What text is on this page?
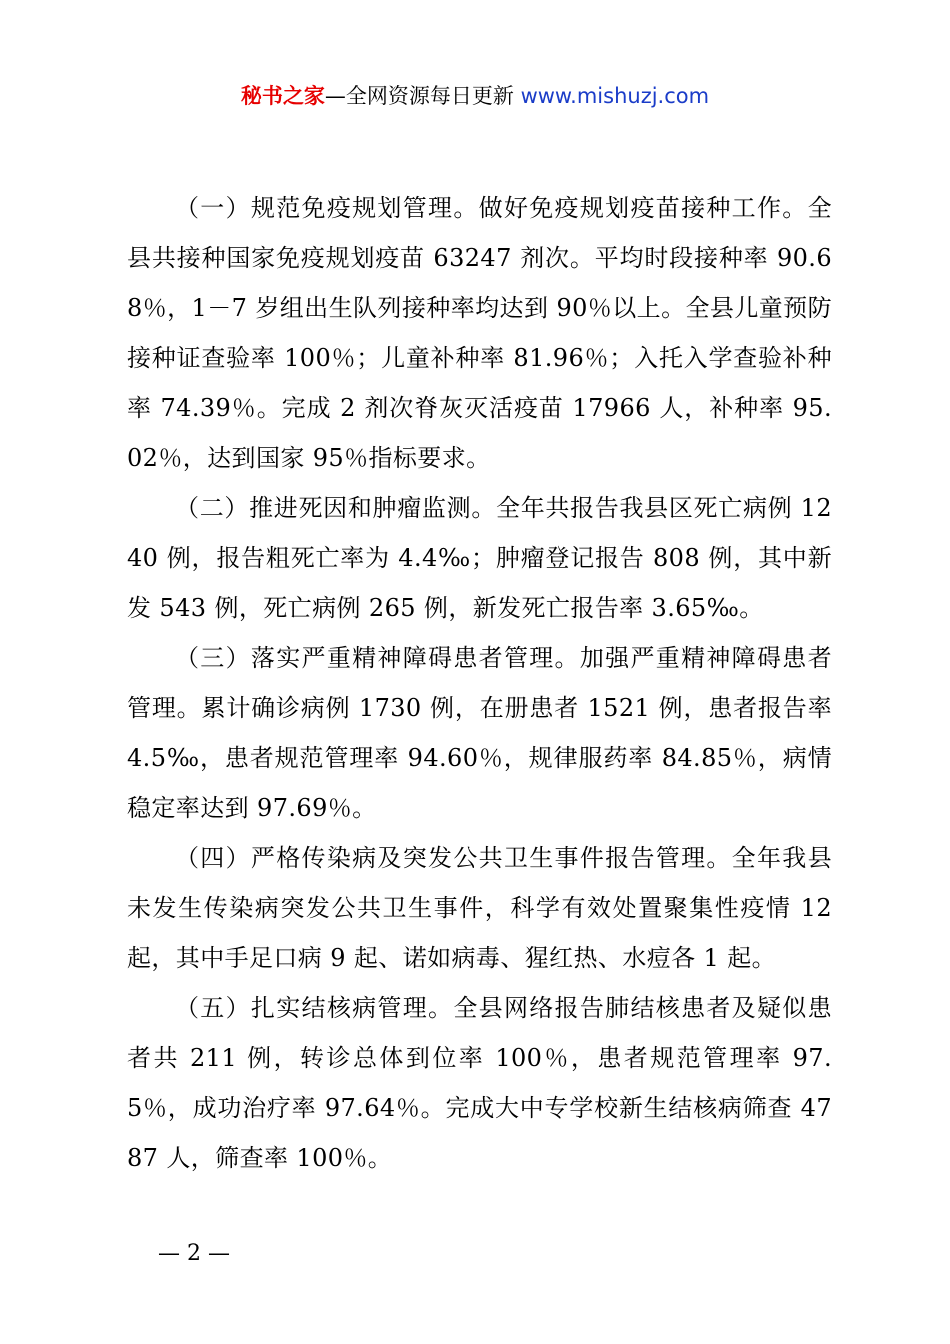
秘书之家—全网资源每日更新 www.mishuzj.com

（一）规范免疫规划管理。做好免疫规划疫苗接种工作。全县共接种国家免疫规划疫苗 63247 剂次。平均时段接种率 90.68％，1－7 岁组出生队列接种率均达到 90％以上。全县儿童预防接种证查验率 100％；儿童补种率 81.96％；入托入学查验补种率 74.39％。完成 2 剂次脊灰灭活疫苗 17966 人，补种率 95.02％，达到国家 95％指标要求。

（二）推进死因和肿瘤监测。全年共报告我县区死亡病例 1240 例，报告粗死亡率为 4.4‰；肿瘤登记报告 808 例，其中新发 543 例，死亡病例 265 例，新发死亡报告率 3.65‰。

（三）落实严重精神障碍患者管理。加强严重精神障碍患者管理。累计确诊病例 1730 例，在册患者 1521 例，患者报告率 4.5‰，患者规范管理率 94.60％，规律服药率 84.85％，病情稳定率达到 97.69％。

（四）严格传染病及突发公共卫生事件报告管理。全年我县未发生传染病突发公共卫生事件，科学有效处置聚集性疫情 12 起，其中手足口病 9 起、诺如病毒、猩红热、水痘各 1 起。

（五）扎实结核病管理。全县网络报告肺结核患者及疑似患者共 211 例，转诊总体到位率 100％，患者规范管理率 97.5％，成功治疗率 97.64％。完成大中专学校新生结核病筛查 4787 人，筛查率 100％。

— 2 —
